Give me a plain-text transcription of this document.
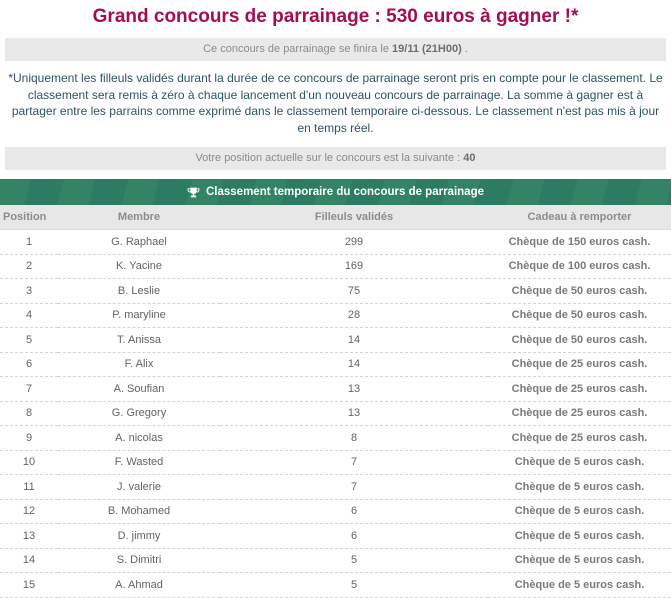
Grand concours de parrainage : 530 euros à gagner !*
Ce concours de parrainage se finira le 19/11 (21H00) .

*Uniquement les filleuls validés durant la durée de ce concours de parrainage seront pris en compte pour le classement. Le classement sera remis à zéro à chaque lancement d'un nouveau concours de parrainage. La somme à gagner est à partager entre les parrains comme exprimé dans le classement temporaire ci-dessous. Le classement n'est pas mis à jour en temps réel.

Votre position actuelle sur le concours est la suivante : 40
Classement temporaire du concours de parrainage
Position	Membre	Filleuls validés	Cadeau à remporter
1	G. Raphael	299	Chèque de 150 euros cash.
2	K. Yacine	169	Chèque de 100 euros cash.
3	B. Leslie	75	Chèque de 50 euros cash.
4	P. maryline	28	Chèque de 50 euros cash.
5	T. Anissa	14	Chèque de 50 euros cash.
6	F. Alix	14	Chèque de 25 euros cash.
7	A. Soufian	13	Chèque de 25 euros cash.
8	G. Gregory	13	Chèque de 25 euros cash.
9	A. nicolas	8	Chèque de 25 euros cash.
10	F. Wasted	7	Chèque de 5 euros cash.
11	J. valerie	7	Chèque de 5 euros cash.
12	B. Mohamed	6	Chèque de 5 euros cash.
13	D. jimmy	6	Chèque de 5 euros cash.
14	S. Dimitri	5	Chèque de 5 euros cash.
15	A. Ahmad	5	Chèque de 5 euros cash.
